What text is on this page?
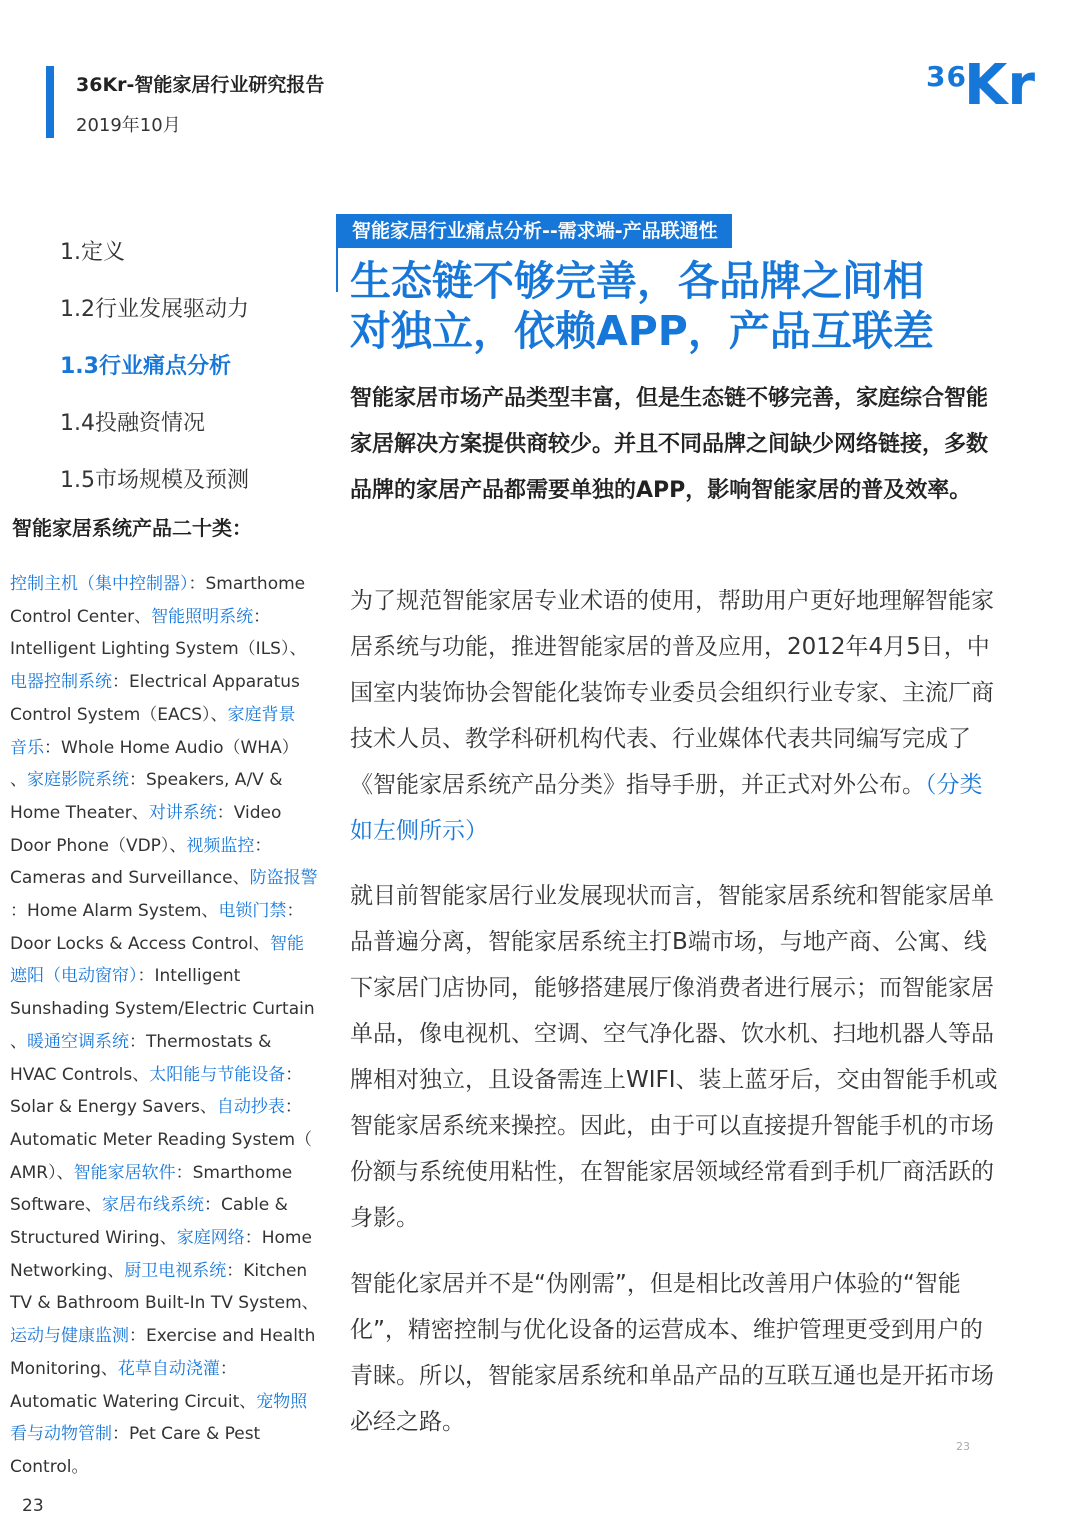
36Kr-智能家居行业研究报告
2019年10月
36
Kr
1.定义
1.2行业发展驱动力
1.3行业痛点分析
1.4投融资情况
1.5市场规模及预测
智能家居系统产品二十类：
控制主机（集中控制器）：Smarthome
Control Center、智能照明系统：
Intelligent Lighting System（ILS）、
电器控制系统：Electrical Apparatus
Control System（EACS）、家庭背景
音乐：Whole Home Audio（WHA）
、家庭影院系统：Speakers, A/V &
Home Theater、对讲系统：Video
Door Phone（VDP）、视频监控：
Cameras and Surveillance、防盗报警
：Home Alarm System、电锁门禁：
Door Locks & Access Control、智能
遮阳（电动窗帘）：Intelligent
Sunshading System/Electric Curtain
、暖通空调系统：Thermostats &
HVAC Controls、太阳能与节能设备：
Solar & Energy Savers、自动抄表：
Automatic Meter Reading System（
AMR）、智能家居软件：Smarthome
Software、家居布线系统：Cable &
Structured Wiring、家庭网络：Home
Networking、厨卫电视系统：Kitchen
TV & Bathroom Built-In TV System、
运动与健康监测：Exercise and Health
Monitoring、花草自动浇灌：
Automatic Watering Circuit、宠物照
看与动物管制：Pet Care & Pest
Control。
智能家居行业痛点分析--需求端-产品联通性
生态链不够完善，各品牌之间相
对独立，依赖APP，产品互联差
智能家居市场产品类型丰富，但是生态链不够完善，家庭综合智能家居解决方案提供商较少。并且不同品牌之间缺少网络链接，多数品牌的家居产品都需要单独的APP，影响智能家居的普及效率。
为了规范智能家居专业术语的使用，帮助用户更好地理解智能家居系统与功能，推进智能家居的普及应用，2012年4月5日，中国室内装饰协会智能化装饰专业委员会组织行业专家、主流厂商技术人员、教学科研机构代表、行业媒体代表共同编写完成了《智能家居系统产品分类》指导手册，并正式对外公布。（分类如左侧所示）
就目前智能家居行业发展现状而言，智能家居系统和智能家居单品普遍分离，智能家居系统主打B端市场，与地产商、公寓、线下家居门店协同，能够搭建展厅像消费者进行展示；而智能家居单品，像电视机、空调、空气净化器、饮水机、扫地机器人等品牌相对独立，且设备需连上WIFI、装上蓝牙后，交由智能手机或智能家居系统来操控。因此，由于可以直接提升智能手机的市场份额与系统使用粘性，在智能家居领域经常看到手机厂商活跃的身影。
智能化家居并不是“伪刚需”，但是相比改善用户体验的“智能化”，精密控制与优化设备的运营成本、维护管理更受到用户的青睐。所以，智能家居系统和单品产品的互联互通也是开拓市场必经之路。
23
23
